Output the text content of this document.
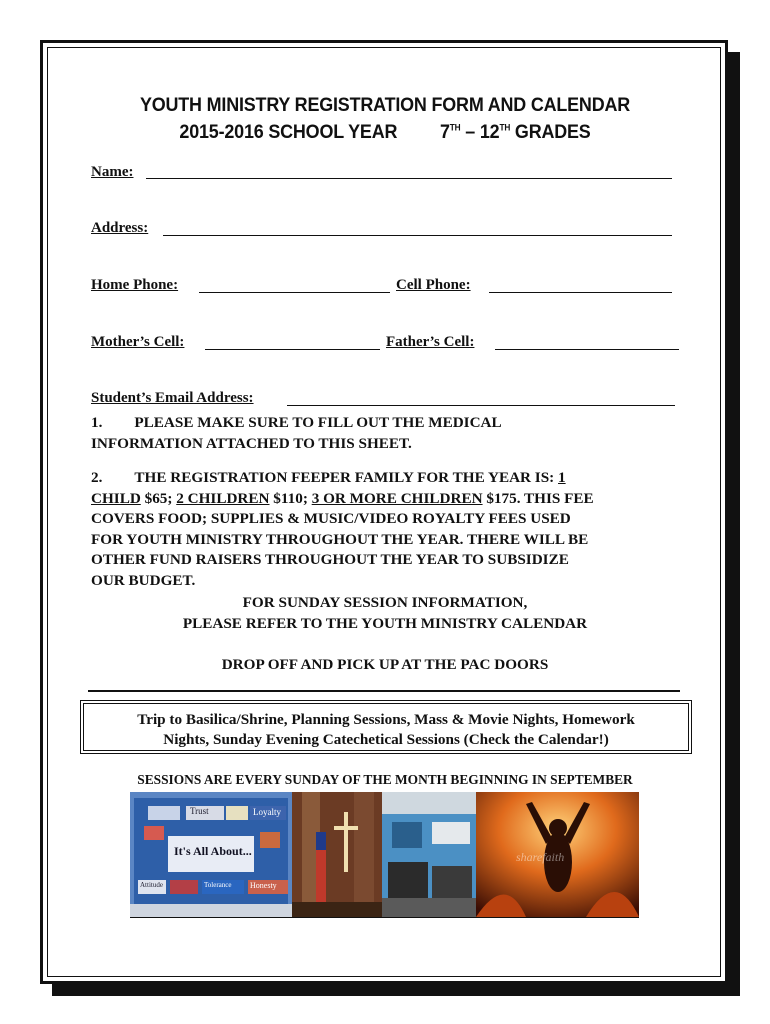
YOUTH MINISTRY REGISTRATION FORM AND CALENDAR
2015-2016 SCHOOL YEAR 7TH – 12TH GRADES
Name:
Address:
Home Phone:	Cell Phone:
Mother’s Cell:	Father’s Cell:
Student’s Email Address:
1. PLEASE MAKE SURE TO FILL OUT THE MEDICAL
INFORMATION ATTACHED TO THIS SHEET.
2. THE REGISTRATION FEEPER FAMILY FOR THE YEAR IS: 1
CHILD $65; 2 CHILDREN $110; 3 OR MORE CHILDREN $175. THIS FEE
COVERS FOOD; SUPPLIES & MUSIC/VIDEO ROYALTY FEES USED
FOR YOUTH MINISTRY THROUGHOUT THE YEAR. THERE WILL BE
OTHER FUND RAISERS THROUGHOUT THE YEAR TO SUBSIDIZE
OUR BUDGET.
FOR SUNDAY SESSION INFORMATION,
PLEASE REFER TO THE YOUTH MINISTRY CALENDAR
DROP OFF AND PICK UP AT THE PAC DOORS
Trip to Basilica/Shrine, Planning Sessions, Mass & Movie Nights, Homework
Nights, Sunday Evening Catechetical Sessions (Check the Calendar!)
SESSIONS ARE EVERY SUNDAY OF THE MONTH BEGINNING IN SEPTEMBER
Trust	Loyalty
It's All About...
Attitude	Tolerance Honesty
sharefaith
